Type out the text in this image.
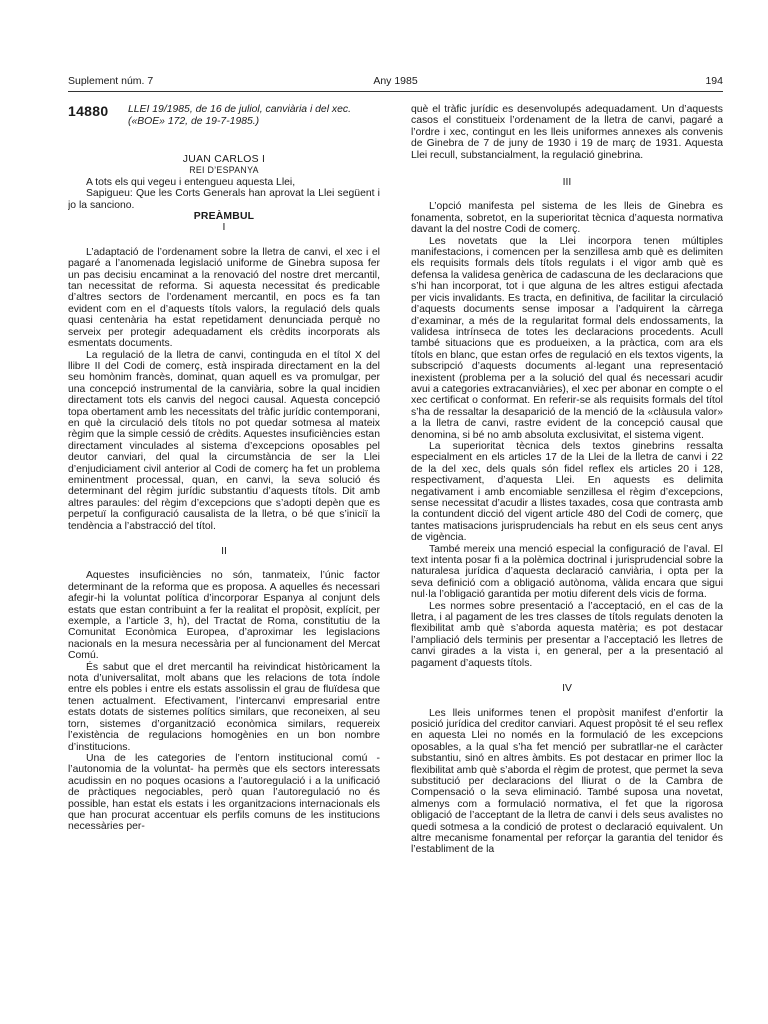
Suplement núm. 7	Any 1985	194
14880	LLEI 19/1985, de 16 de juliol, canviària i del xec.
(«BOE» 172, de 19-7-1985.)

JUAN CARLOS I

REI D’ESPANYA

A tots els qui vegeu i entengueu aquesta Llei,

Sapigueu: Que les Corts Generals han aprovat la Llei següent i jo la sanciono.

PREÀMBUL

I

L’adaptació de l’ordenament sobre la lletra de canvi, el xec i el pagaré a l’anomenada legislació uniforme de Ginebra suposa fer un pas decisiu encaminat a la renovació del nostre dret mercantil, tan necessitat de reforma. Si aquesta necessitat és predicable d’altres sectors de l’ordenament mercantil, en pocs es fa tan evident com en el d’aquests títols valors, la regulació dels quals quasi centenària ha estat repetidament denunciada perquè no serveix per protegir adequadament els crèdits incorporats als esmentats documents.

La regulació de la lletra de canvi, continguda en el títol X del llibre II del Codi de comerç, està inspirada directament en la del seu homònim francès, dominat, quan aquell es va promulgar, per una concepció instrumental de la canviària, sobre la qual incidien directament tots els canvis del negoci causal. Aquesta concepció topa obertament amb les necessitats del tràfic jurídic contemporani, en què la circulació dels títols no pot quedar sotmesa al mateix règim que la simple cessió de crèdits. Aquestes insuficiències estan directament vinculades al sistema d’excepcions oposables pel deutor canviari, del qual la circumstància de ser la Llei d’enjudiciament civil anterior al Codi de comerç ha fet un problema eminentment processal, quan, en canvi, la seva solució és determinant del règim jurídic substantiu d’aquests títols. Dit amb altres paraules: del règim d’excepcions que s’adopti depèn que es perpetuï la configuració causalista de la lletra, o bé que s’iniciï la tendència a l’abstracció del títol.

II

Aquestes insuficiències no són, tanmateix, l’únic factor determinant de la reforma que es proposa. A aquelles és necessari afegir-hi la voluntat política d’incorporar Espanya al conjunt dels estats que estan contribuint a fer la realitat el propòsit, explícit, per exemple, a l’article 3, h), del Tractat de Roma, constitutiu de la Comunitat Econòmica Europea, d’aproximar les legislacions nacionals en la mesura necessària per al funcionament del Mercat Comú.

És sabut que el dret mercantil ha reivindicat històricament la nota d’universalitat, molt abans que les relacions de tota índole entre els pobles i entre els estats assolissin el grau de fluïdesa que tenen actualment. Efectivament, l’intercanvi empresarial entre estats dotats de sistemes polítics similars, que reconeixen, al seu torn, sistemes d’organització econòmica similars, requereix l’existència de regulacions homogènies en un bon nombre d’institucions.

Una de les categories de l’entorn institucional comú -l’autonomia de la voluntat- ha permès que els sectors interessats acudissin en no poques ocasions a l’autoregulació i a la unificació de pràctiques negociables, però quan l’autoregulació no és possible, han estat els estats i les organitzacions internacionals els que han procurat accentuar els perfils comuns de les institucions necessàries per-

què el tràfic jurídic es desenvolupés adequadament. Un d’aquests casos el constitueix l’ordenament de la lletra de canvi, pagaré a l’ordre i xec, contingut en les lleis uniformes annexes als convenis de Ginebra de 7 de juny de 1930 i 19 de març de 1931. Aquesta Llei recull, substancialment, la regulació ginebrina.

III

L’opció manifesta pel sistema de les lleis de Ginebra es fonamenta, sobretot, en la superioritat tècnica d’aquesta normativa davant la del nostre Codi de comerç.

Les novetats que la Llei incorpora tenen múltiples manifestacions, i comencen per la senzillesa amb què es delimiten els requisits formals dels títols regulats i el vigor amb què es defensa la validesa genèrica de cadascuna de les declaracions que s’hi han incorporat, tot i que alguna de les altres estigui afectada per vicis invalidants. Es tracta, en definitiva, de facilitar la circulació d’aquests documents sense imposar a l’adquirent la càrrega d’examinar, a més de la regularitat formal dels endossaments, la validesa intrínseca de totes les declaracions procedents. Acull també situacions que es produeixen, a la pràctica, com ara els títols en blanc, que estan orfes de regulació en els textos vigents, la subscripció d’aquests documents al·legant una representació inexistent (problema per a la solució del qual és necessari acudir avui a categories extracanviàries), el xec per abonar en compte o el xec certificat o conformat. En referir-se als requisits formals del títol s’ha de ressaltar la desaparició de la menció de la «clàusula valor» a la lletra de canvi, rastre evident de la concepció causal que denomina, si bé no amb absoluta exclusivitat, el sistema vigent.

La superioritat tècnica dels textos ginebrins ressalta especialment en els articles 17 de la Llei de la lletra de canvi i 22 de la del xec, dels quals són fidel reflex els articles 20 i 128, respectivament, d’aquesta Llei. En aquests es delimita negativament i amb encomiable senzillesa el règim d’excepcions, sense necessitat d’acudir a llistes taxades, cosa que contrasta amb la contundent dicció del vigent article 480 del Codi de comerç, que tantes matisacions jurisprudencials ha rebut en els seus cent anys de vigència.

També mereix una menció especial la configuració de l’aval. El text intenta posar fi a la polèmica doctrinal i jurisprudencial sobre la naturalesa jurídica d’aquesta declaració canviària, i opta per la seva definició com a obligació autònoma, vàlida encara que sigui nul·la l’obligació garantida per motiu diferent dels vicis de forma.

Les normes sobre presentació a l’acceptació, en el cas de la lletra, i al pagament de les tres classes de títols regulats denoten la flexibilitat amb què s’aborda aquesta matèria; es pot destacar l’ampliació dels terminis per presentar a l’acceptació les lletres de canvi girades a la vista i, en general, per a la presentació al pagament d’aquests títols.

IV

Les lleis uniformes tenen el propòsit manifest d’enfortir la posició jurídica del creditor canviari. Aquest propòsit té el seu reflex en aquesta Llei no només en la formulació de les excepcions oposables, a la qual s’ha fet menció per subratllar-ne el caràcter substantiu, sinó en altres àmbits. Es pot destacar en primer lloc la flexibilitat amb què s’aborda el règim de protest, que permet la seva substitució per declaracions del lliurat o de la Cambra de Compensació o la seva eliminació. També suposa una novetat, almenys com a formulació normativa, el fet que la rigorosa obligació de l’acceptant de la lletra de canvi i dels seus avalistes no quedi sotmesa a la condició de protest o declaració equivalent. Un altre mecanisme fonamental per reforçar la garantia del tenidor és l’establiment de la
